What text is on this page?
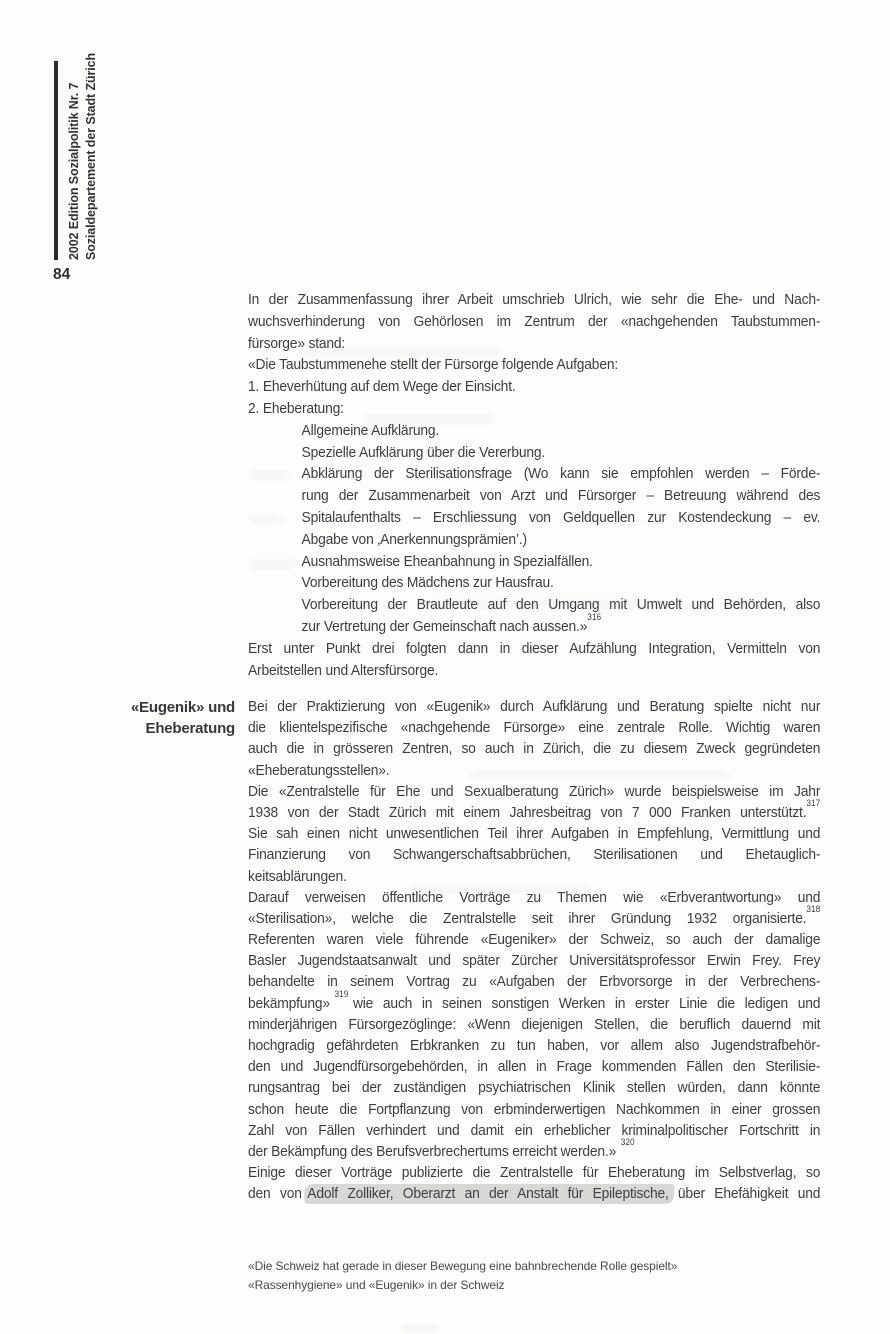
2002 Edition Sozialpolitik Nr. 7 Sozialdepartement der Stadt Zürich
84
«Eugenik» und
Eheberatung
In der Zusammenfassung ihrer Arbeit umschrieb Ulrich, wie sehr die Ehe- und Nach-
wuchsverhinderung von Gehörlosen im Zentrum der «nachgehenden Taubstummen-
fürsorge» stand:
«Die Taubstummenehe stellt der Fürsorge folgende Aufgaben:
1. Eheverhütung auf dem Wege der Einsicht.
2. Eheberatung:
Allgemeine Aufklärung.
Spezielle Aufklärung über die Vererbung.
Abklärung der Sterilisationsfrage (Wo kann sie empfohlen werden – Förde-
rung der Zusammenarbeit von Arzt und Fürsorger – Betreuung während des
Spitalaufenthalts – Erschliessung von Geldquellen zur Kostendeckung – ev.
Abgabe von ‚Anerkennungsprämien’.)
Ausnahmsweise Eheanbahnung in Spezialfällen.
Vorbereitung des Mädchens zur Hausfrau.
Vorbereitung der Brautleute auf den Umgang mit Umwelt und Behörden, also
zur Vertretung der Gemeinschaft nach aussen.»$^{316}$
Erst unter Punkt drei folgten dann in dieser Aufzählung Integration, Vermitteln von
Arbeitstellen und Altersfürsorge.
Bei der Praktizierung von «Eugenik» durch Aufklärung und Beratung spielte nicht nur
die klientelspezifische «nachgehende Fürsorge» eine zentrale Rolle. Wichtig waren
auch die in grösseren Zentren, so auch in Zürich, die zu diesem Zweck gegründeten
«Eheberatungsstellen».
Die «Zentralstelle für Ehe und Sexualberatung Zürich» wurde beispielsweise im Jahr
1938 von der Stadt Zürich mit einem Jahresbeitrag von 7 000 Franken unterstützt.$^{317}$
Sie sah einen nicht unwesentlichen Teil ihrer Aufgaben in Empfehlung, Vermittlung und
Finanzierung von Schwangerschaftsabbrüchen, Sterilisationen und Ehetauglich-
keitsablärungen.
Darauf verweisen öffentliche Vorträge zu Themen wie «Erbverantwortung» und
«Sterilisation», welche die Zentralstelle seit ihrer Gründung 1932 organisierte.$^{318}$
Referenten waren viele führende «Eugeniker» der Schweiz, so auch der damalige
Basler Jugendstaatsanwalt und später Zürcher Universitätsprofessor Erwin Frey. Frey
behandelte in seinem Vortrag zu «Aufgaben der Erbvorsorge in der Verbrechens-
bekämpfung»$^{319}$wie auch in seinen sonstigen Werken in erster Linie die ledigen und
minderjährigen Fürsorgezöglinge: «Wenn diejenigen Stellen, die beruflich dauernd mit
hochgradig gefährdeten Erbkranken zu tun haben, vor allem also Jugendstrafbehör-
den und Jugendfürsorgebehörden, in allen in Frage kommenden Fällen den Sterilisie-
rungsantrag bei der zuständigen psychiatrischen Klinik stellen würden, dann könnte
schon heute die Fortpflanzung von erbminderwertigen Nachkommen in einer grossen
Zahl von Fällen verhindert und damit ein erheblicher kriminalpolitischer Fortschritt in
der Bekämpfung des Berufsverbrechertums erreicht werden.»$^{320}$
Einige dieser Vorträge publizierte die Zentralstelle für Eheberatung im Selbstverlag, so
den von Adolf Zolliker, Oberarzt an der Anstalt für Epileptische, über Ehefähigkeit und
«Die Schweiz hat gerade in dieser Bewegung eine bahnbrechende Rolle gespielt»
«Rassenhygiene» und «Eugenik» in der Schweiz
